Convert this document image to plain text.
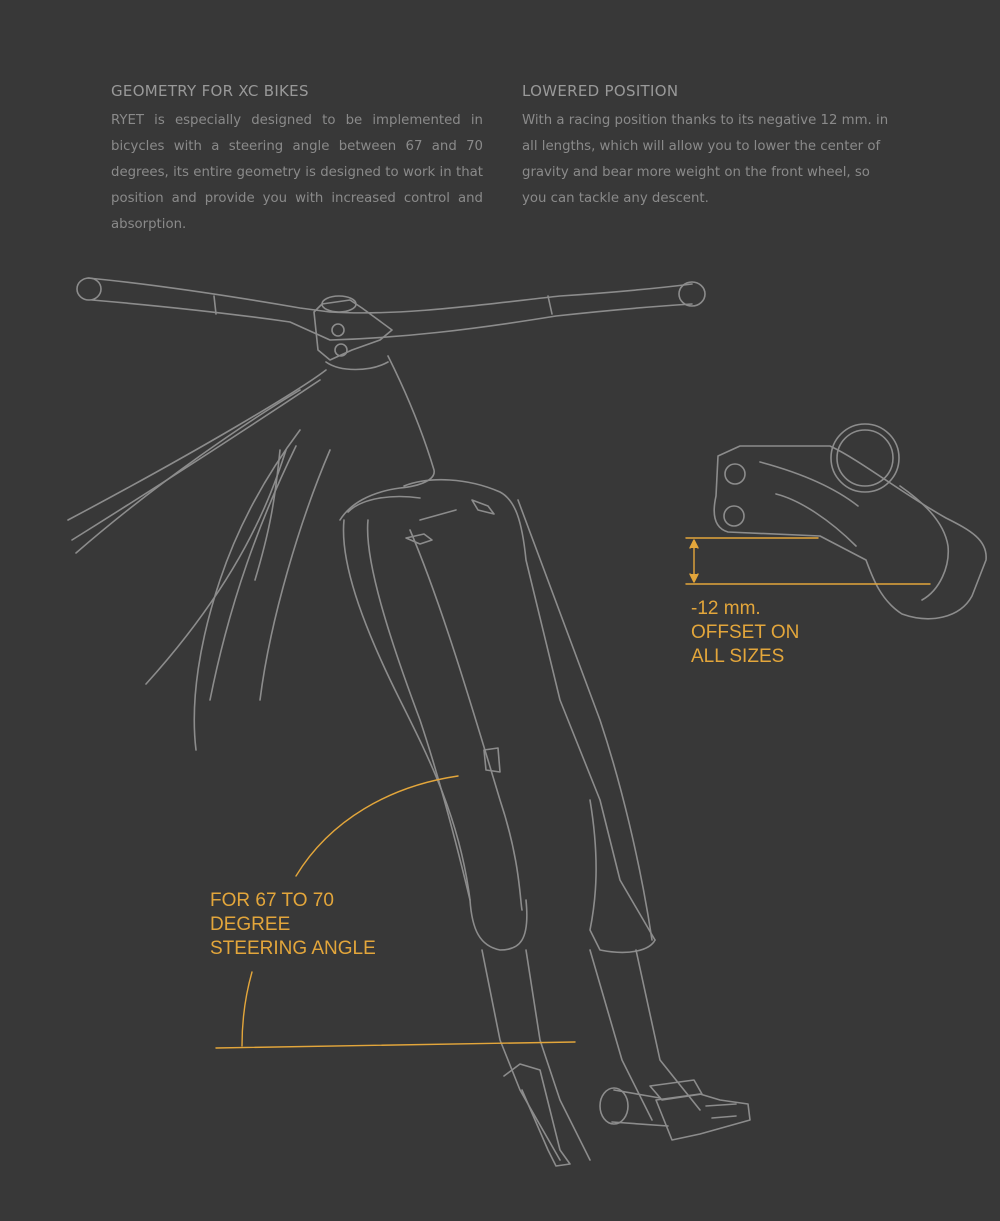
GEOMETRY FOR XC BIKES

RYET is especially designed to be implemented in bicycles with a steering angle between 67 and 70 degrees, its entire geometry is designed to work in that position and provide you with increased control and absorption.

LOWERED POSITION

With a racing position thanks to its negative 12 mm. in all lengths, which will allow you to lower the center of gravity and bear more weight on the front wheel, so you can tackle any descent.

-12 mm.
OFFSET ON
ALL SIZES
FOR 67 TO 70
DEGREE
STEERING ANGLE
